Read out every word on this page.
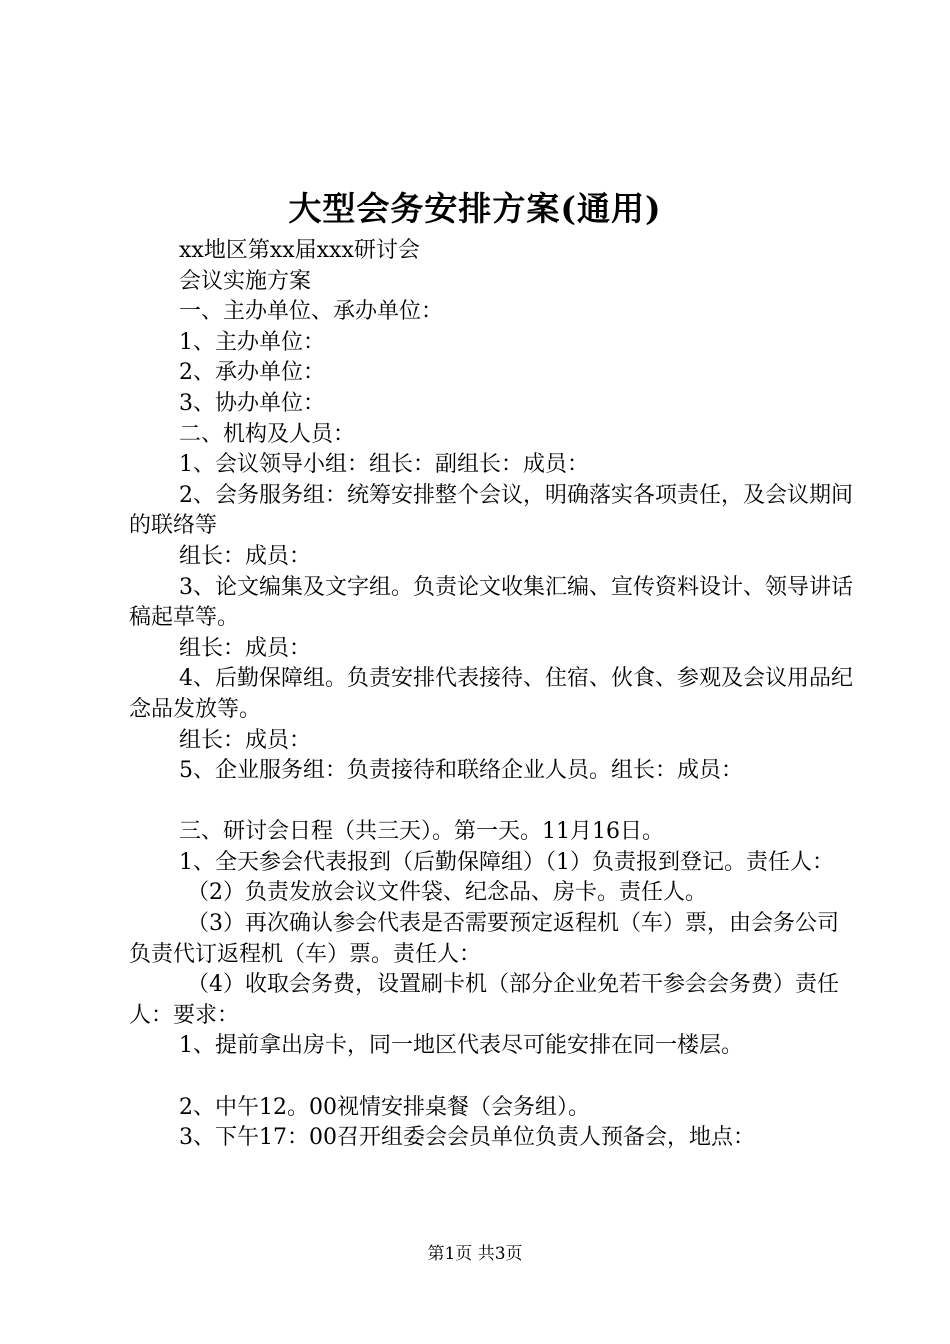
大型会务安排方案(通用)

xx地区第xx届xxx研讨会

会议实施方案

一、主办单位、承办单位：

1、主办单位：

2、承办单位：

3、协办单位：

二、机构及人员：

1、会议领导小组：组长：副组长：成员：

2、会务服务组：统筹安排整个会议，明确落实各项责任，及会议期间的联络等

组长：成员：

3、论文编集及文字组。负责论文收集汇编、宣传资料设计、领导讲话稿起草等。

组长：成员：

4、后勤保障组。负责安排代表接待、住宿、伙食、参观及会议用品纪念品发放等。

组长：成员：

5、企业服务组：负责接待和联络企业人员。组长：成员：

三、研讨会日程（共三天）。第一天。11月16日。

1、全天参会代表报到（后勤保障组）（1）负责报到登记。责任人：

（2）负责发放会议文件袋、纪念品、房卡。责任人。

（3）再次确认参会代表是否需要预定返程机（车）票，由会务公司负责代订返程机（车）票。责任人：

（4）收取会务费，设置刷卡机（部分企业免若干参会会务费）责任人：要求：

1、提前拿出房卡，同一地区代表尽可能安排在同一楼层。

2、中午12。00视情安排桌餐（会务组）。

3、下午17：00召开组委会会员单位负责人预备会，地点：

第1页 共3页
